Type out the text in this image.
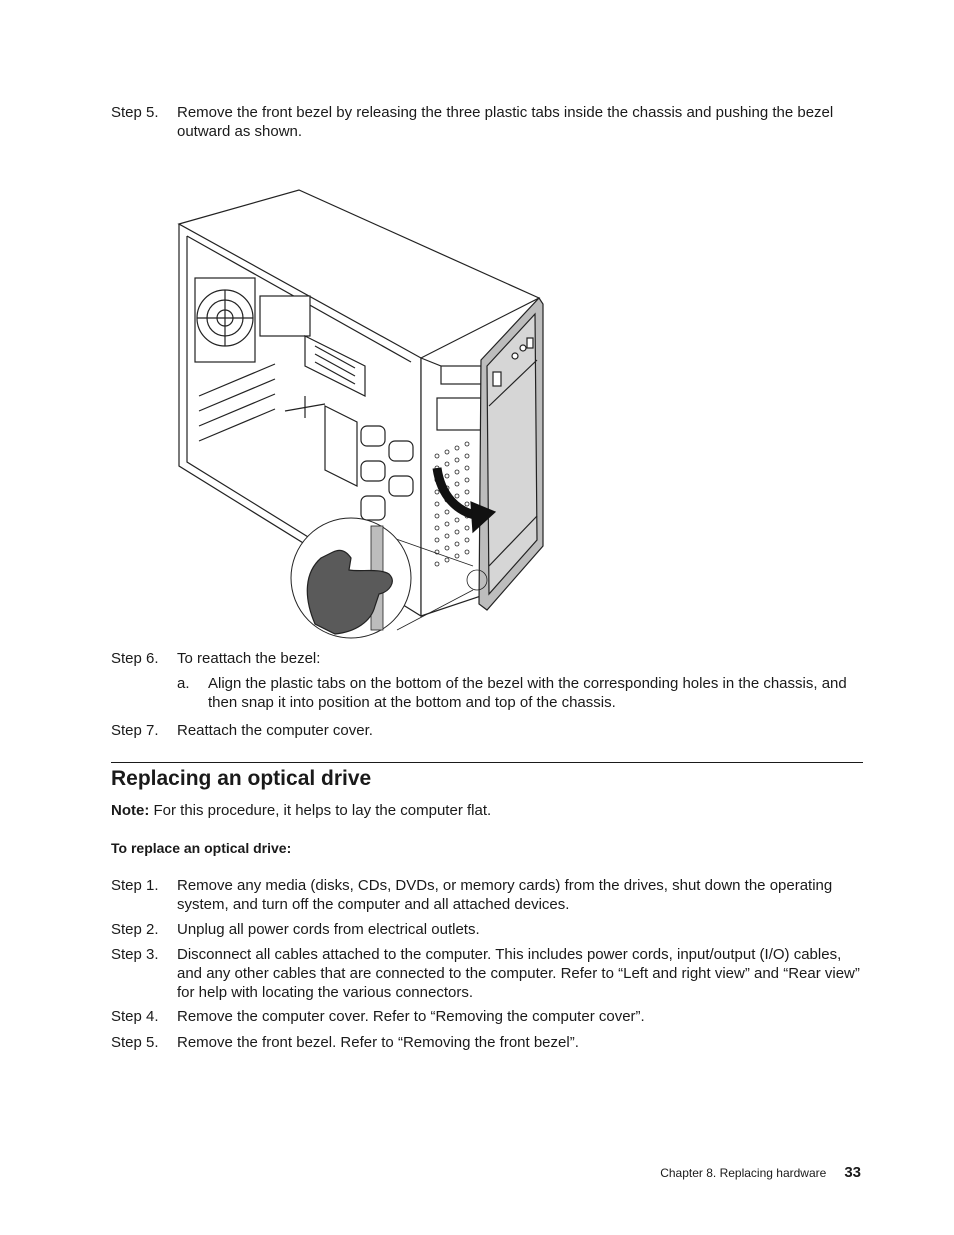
Step 5. Remove the front bezel by releasing the three plastic tabs inside the chassis and pushing the bezel outward as shown.
Step 6. To reattach the bezel:
a. Align the plastic tabs on the bottom of the bezel with the corresponding holes in the chassis, and then snap it into position at the bottom and top of the chassis.
Step 7. Reattach the computer cover.
Replacing an optical drive
Note: For this procedure, it helps to lay the computer flat.
To replace an optical drive:
Step 1. Remove any media (disks, CDs, DVDs, or memory cards) from the drives, shut down the operating system, and turn off the computer and all attached devices.
Step 2. Unplug all power cords from electrical outlets.
Step 3. Disconnect all cables attached to the computer. This includes power cords, input/output (I/O) cables, and any other cables that are connected to the computer. Refer to “Left and right view” and “Rear view” for help with locating the various connectors.
Step 4. Remove the computer cover. Refer to “Removing the computer cover”.
Step 5. Remove the front bezel. Refer to “Removing the front bezel”.
Chapter 8. Replacing hardware 33
